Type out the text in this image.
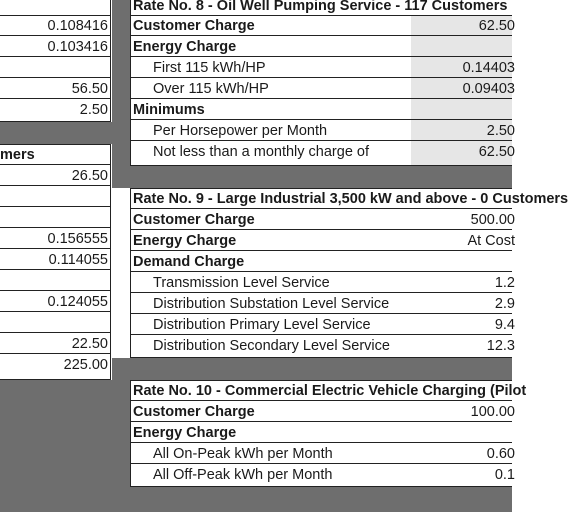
0.108416
0.103416
56.50
2.50
mers
26.50
0.156555
0.114055
0.124055
22.50
225.00
Rate No. 8 - Oil Well Pumping Service - 117 Customers
Customer Charge	62.50
Energy Charge
First 115 kWh/HP	0.14403
Over 115 kWh/HP	0.09403
Minimums
Per Horsepower per Month	2.50
Not less than a monthly charge of	62.50
Rate No. 9 - Large Industrial 3,500 kW and above - 0 Customers
Customer Charge	500.00
Energy Charge	At Cost
Demand Charge
Transmission Level Service	1.2
Distribution Substation Level Service	2.9
Distribution Primary Level Service	9.4
Distribution Secondary Level Service	12.3
Rate No. 10 - Commercial Electric Vehicle Charging (Pilot
Customer Charge	100.00
Energy Charge
All On-Peak kWh per Month	0.60
All Off-Peak kWh per Month	0.1
